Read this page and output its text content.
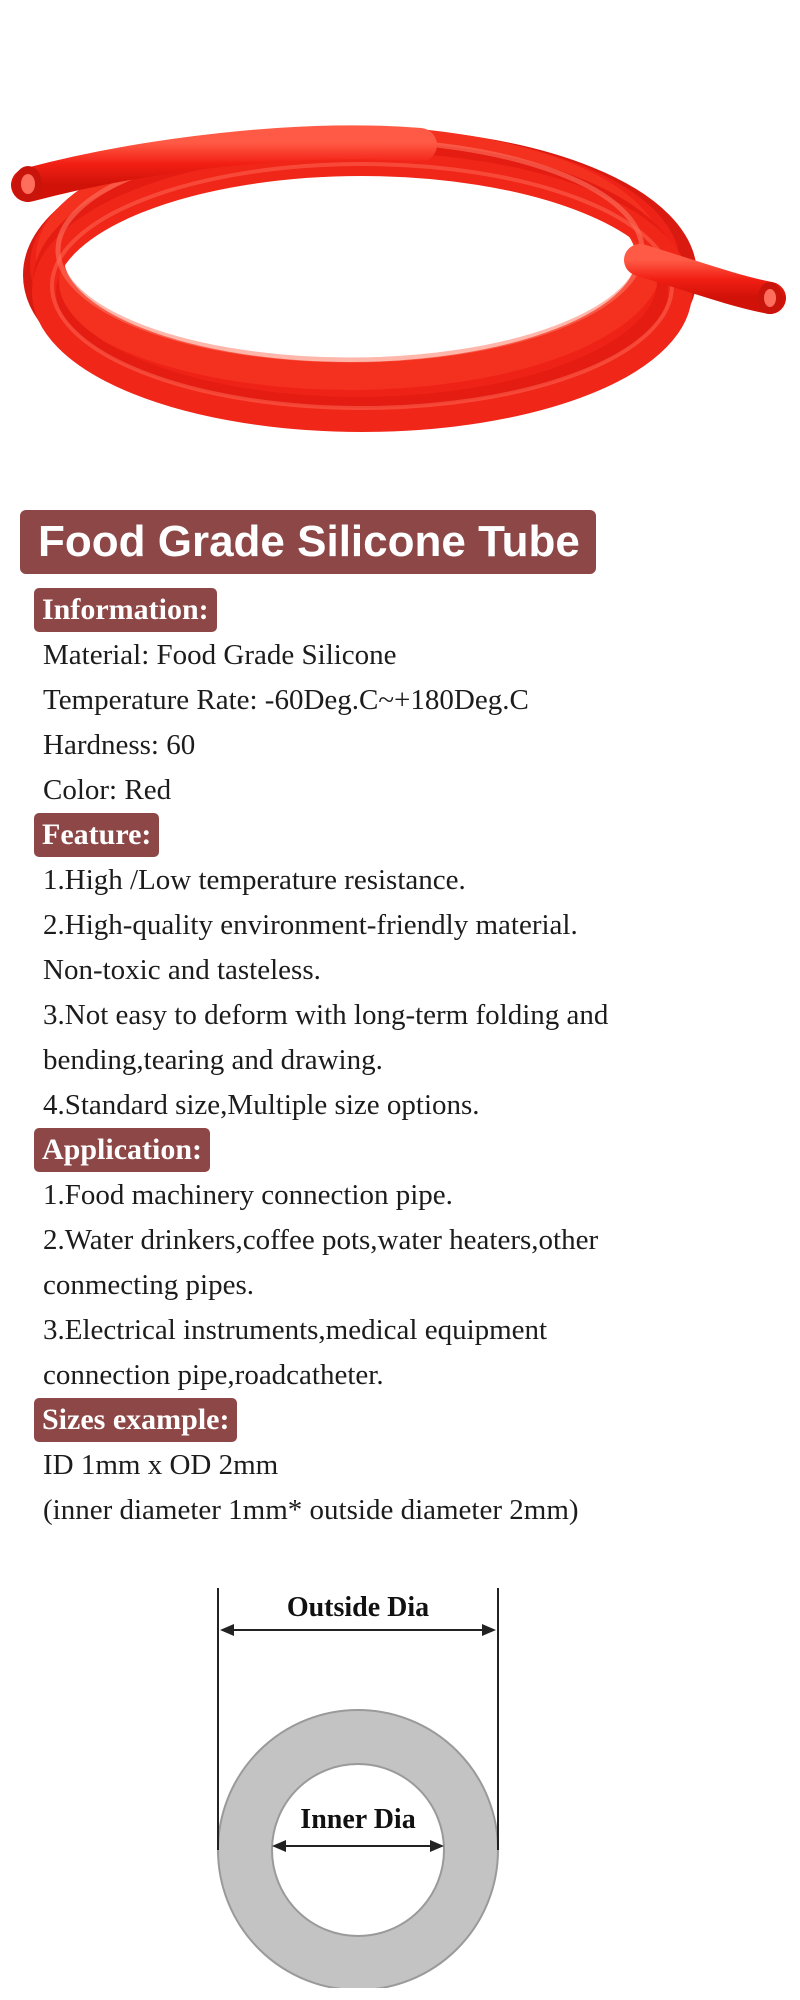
Food Grade Silicone Tube
Information:
Material: Food Grade Silicone
Temperature Rate: -60Deg.C~+180Deg.C
Hardness: 60
Color: Red
Feature:
1.High /Low temperature resistance.
2.High-quality environment-friendly material.
Non-toxic and tasteless.
3.Not easy to deform with long-term folding and
bending,tearing and drawing.
4.Standard size,Multiple size options.
Application:
1.Food machinery connection pipe.
2.Water drinkers,coffee pots,water heaters,other
conmecting pipes.
3.Electrical instruments,medical equipment
connection pipe,roadcatheter.
Sizes example:
ID 1mm x OD 2mm
(inner diameter 1mm* outside diameter 2mm)
Outside Dia
Inner Dia
